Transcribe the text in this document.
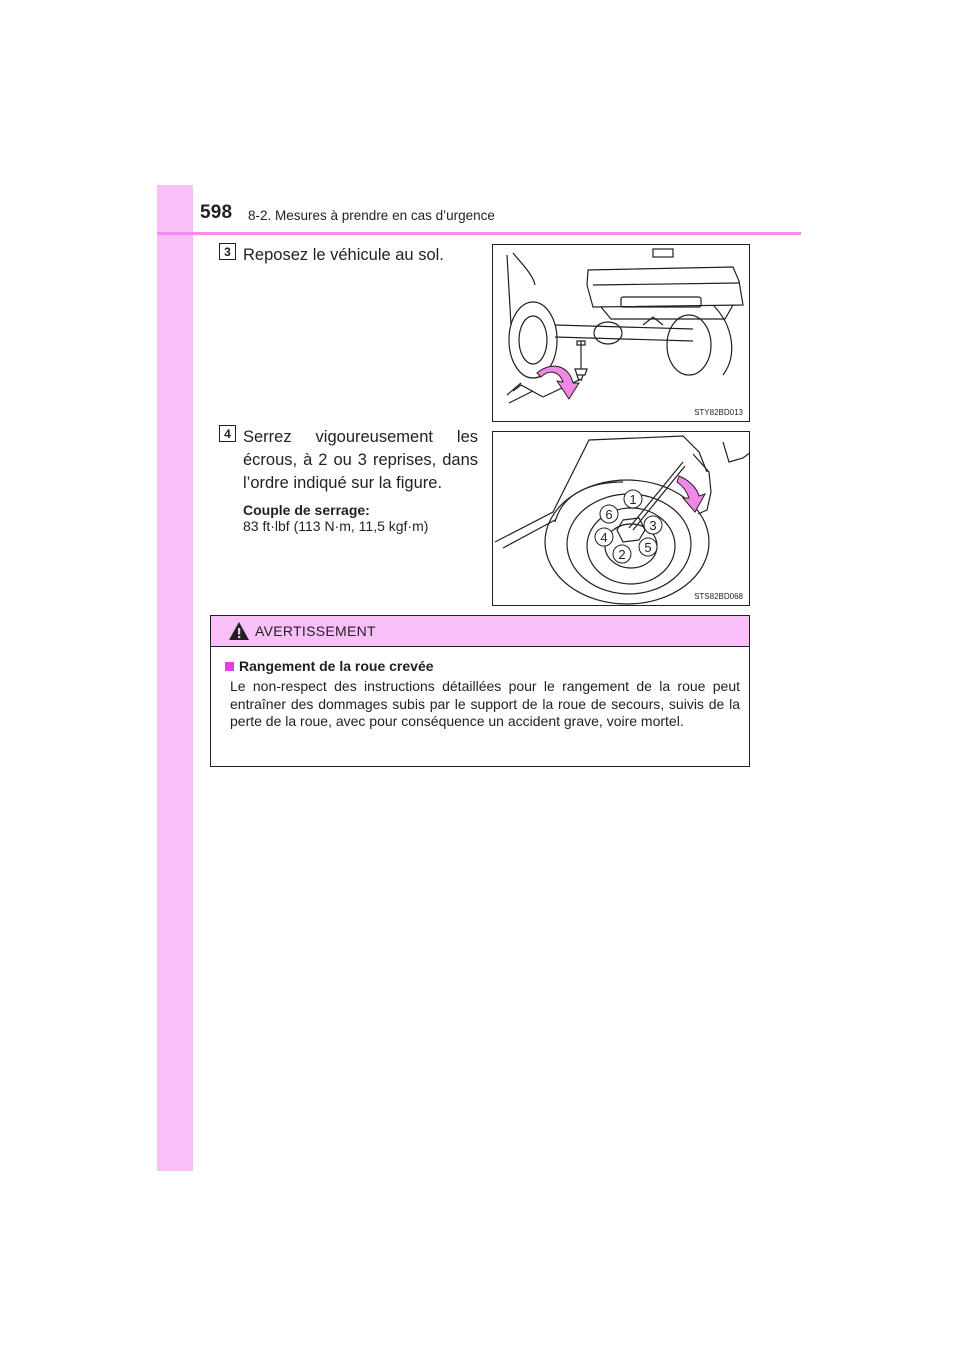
598 8-2. Mesures à prendre en cas d’urgence
3 Reposez le véhicule au sol.
STY82BD013
4 Serrez vigoureusement les écrous, à 2 ou 3 reprises, dans l’ordre indiqué sur la figure.
Couple de serrage:
83 ft·lbf (113 N·m, 11,5 kgf·m)
1
6
3
4
5
2
STS82BD068
AVERTISSEMENT
Rangement de la roue crevée
Le non-respect des instructions détaillées pour le rangement de la roue peut entraîner des dommages subis par le support de la roue de secours, suivis de la perte de la roue, avec pour conséquence un accident grave, voire mortel.
